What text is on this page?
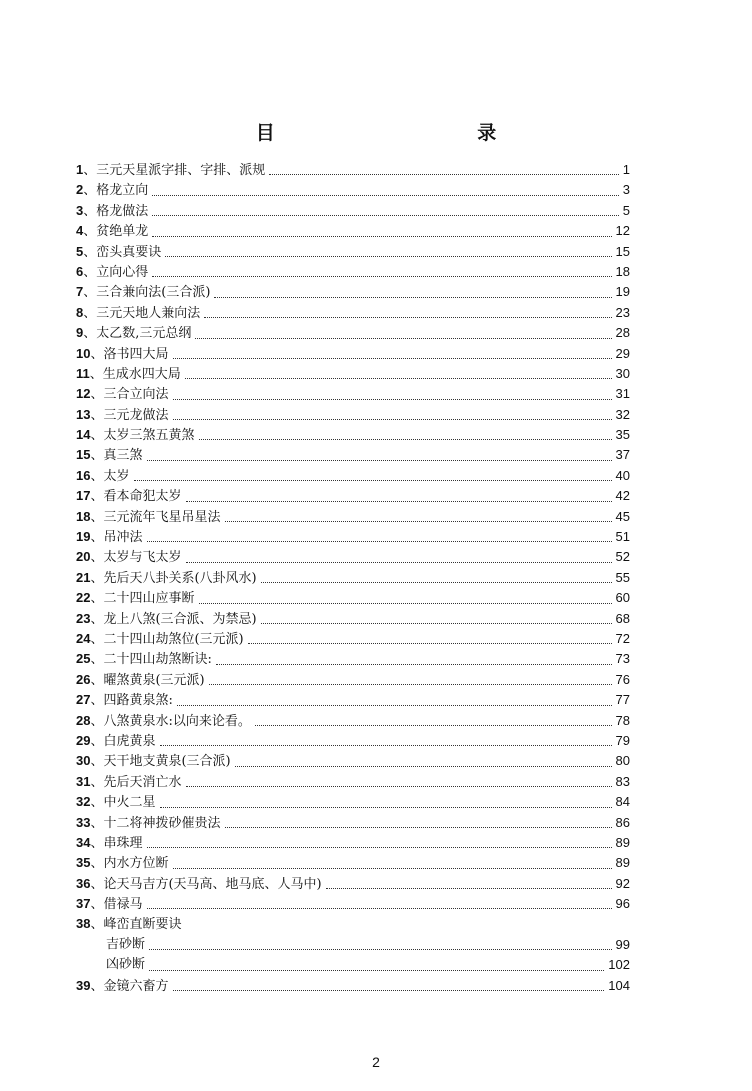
目 录
1、三元天星派字排、字排、派规	1
2、格龙立向	3
3、格龙做法	5
4、贫绝单龙	12
5、峦头真要诀	15
6、立向心得	18
7、三合兼向法(三合派)	19
8、三元天地人兼向法	23
9、太乙数,三元总纲	28
10、洛书四大局	29
11、生成水四大局	30
12、三合立向法	31
13、三元龙做法	32
14、太岁三煞五黄煞	35
15、真三煞	37
16、太岁	40
17、看本命犯太岁	42
18、三元流年飞星吊星法	45
19、吊冲法	51
20、太岁与飞太岁	52
21、先后天八卦关系(八卦风水)	55
22、二十四山应事断	60
23、龙上八煞(三合派、为禁忌)	68
24、二十四山劫煞位(三元派)	72
25、二十四山劫煞断诀:	73
26、曜煞黄泉(三元派)	76
27、四路黄泉煞:	77
28、八煞黄泉水:以向来论看。	78
29、白虎黄泉	79
30、天干地支黄泉(三合派)	80
31、先后天消亡水	83
32、中火二星	84
33、十二将神拨砂催贵法	86
34、串珠理	89
35、内水方位断	89
36、论天马吉方(天马高、地马底、人马中)	92
37、借禄马	96
38、峰峦直断要诀
吉砂断	99
凶砂断	102
39、金镜六畜方	104
2
